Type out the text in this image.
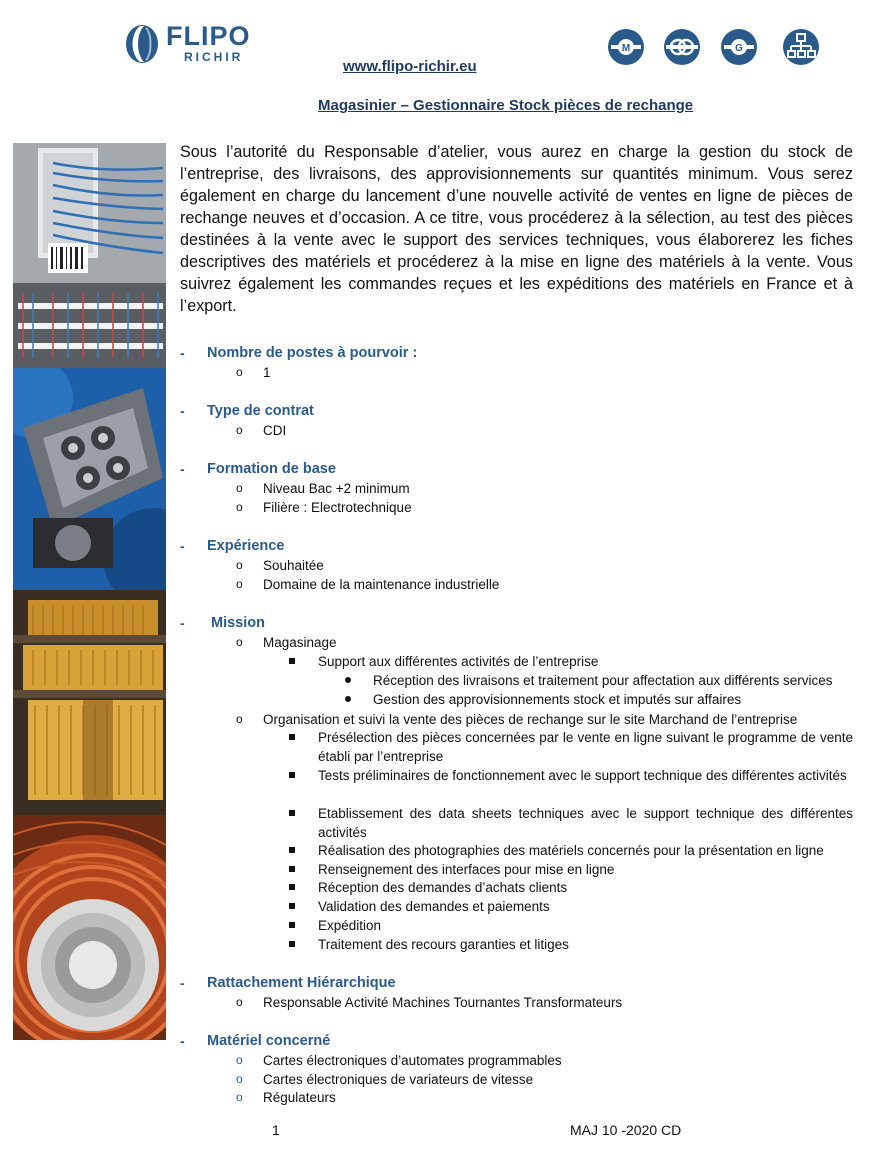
FLIPO
RICHIR
M	G
www.flipo-richir.eu
Magasinier – Gestionnaire Stock pièces de rechange

Sous l’autorité du Responsable d’atelier, vous aurez en charge la gestion du stock de l’entreprise, des livraisons, des approvisionnements sur quantités minimum. Vous serez également en charge du lancement d’une nouvelle activité de ventes en ligne de pièces de rechange neuves et d’occasion. A ce titre, vous procéderez à la sélection, au test des pièces destinées à la vente avec le support des services techniques, vous élaborerez les fiches descriptives des matériels et procéderez à la mise en ligne des matériels à la vente. Vous suivrez également les commandes reçues et les expéditions des matériels en France et à l’export.

- Nombre de postes à pourvoir :
o 1
- Type de contrat
o CDI
- Formation de base
o Niveau Bac +2 minimum
o Filière : Electrotechnique
- Expérience
o Souhaitée
o Domaine de la maintenance industrielle
- Mission
o Magasinage
Support aux différentes activités de l’entreprise
Réception des livraisons et traitement pour affectation aux différents services
Gestion des approvisionnements stock et imputés sur affaires
o Organisation et suivi la vente des pièces de rechange sur le site Marchand de l’entreprise
Présélection des pièces concernées par le vente en ligne suivant le programme de vente établi par l’entreprise
Tests préliminaires de fonctionnement avec le support technique des différentes activités
Etablissement des data sheets techniques avec le support technique des différentes activités
Réalisation des photographies des matériels concernés pour la présentation en ligne
Renseignement des interfaces pour mise en ligne
Réception des demandes d’achats clients
Validation des demandes et paiements
Expédition
Traitement des recours garanties et litiges
- Rattachement Hiérarchique
o Responsable Activité Machines Tournantes Transformateurs
- Matériel concerné
o Cartes électroniques d’automates programmables
o Cartes électroniques de variateurs de vitesse
o Régulateurs
1	MAJ 10 -2020 CD
